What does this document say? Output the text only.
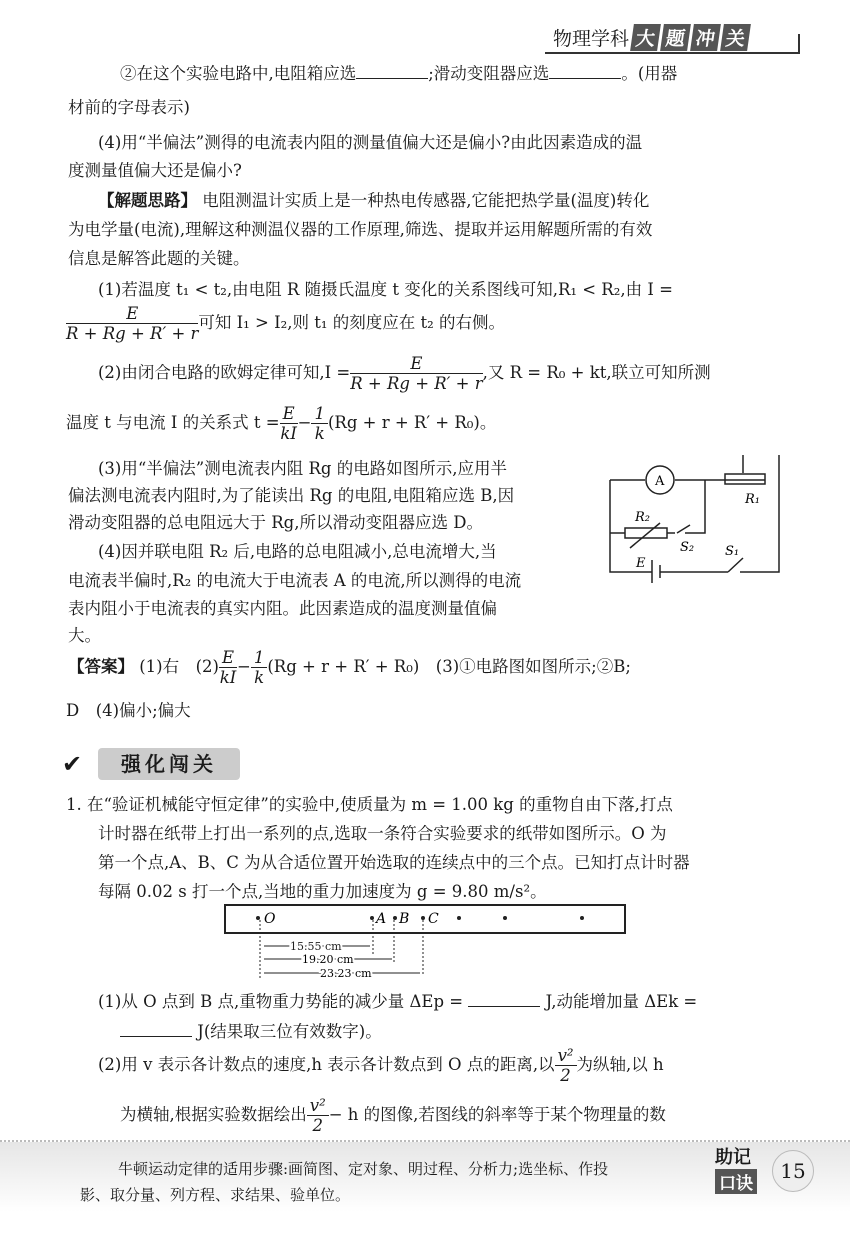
物理学科 大 题 冲 关
②在这个实验电路中,电阻箱应选	;滑动变阻器应选	。(用器
材前的字母表示)
(4)用“半偏法”测得的电流表内阻的测量值偏大还是偏小?由此因素造成的温
度测量值偏大还是偏小?
【解题思路】 电阻测温计实质上是一种热电传感器,它能把热学量(温度)转化
为电学量(电流),理解这种测温仪器的工作原理,筛选、提取并运用解题所需的有效
信息是解答此题的关键。
(1)若温度 t₁ < t₂,由电阻 R 随摄氏温度 t 变化的关系图线可知,R₁ < R₂,由 I =
$\frac{E}{R + Rg + R' + r}$ 可知 I₁ > I₂,则 t₁ 的刻度应在 t₂ 的右侧。
(2)由闭合电路的欧姆定律可知$,I = \frac{E}{R + Rg + R' + r}$ ,又 R = R₀ + kt,联立可知所测
温度 t 与电流 I 的关系式 $t = \frac{E}{kI} - \frac{1}{k} (Rg + r + R' + R_0)$。
(3)用“半偏法”测电流表内阻 Rg 的电路如图所示,应用半
偏法测电流表内阻时,为了能读出 Rg 的电阻,电阻箱应选 B,因
滑动变阻器的总电阻远大于 Rg,所以滑动变阻器应选 D。
(4)因并联电阻 R₂ 后,电路的总电阻减小,总电流增大,当
电流表半偏时,R₂ 的电流大于电流表 A 的电流,所以测得的电流
表内阻小于电流表的真实内阻。此因素造成的温度测量值偏
大。
A
R₁
R₂
S₂ S₁
E
【答案】 (1)右　$(2) \frac{E}{kI} - \frac{1}{k} (Rg + r + R' + R_0)$　(3)①电路图如图所示;②B;
D　(4)偏小;偏大
✔	强化闯关
1. 在“验证机械能守恒定律”的实验中,使质量为 m = 1.00 kg 的重物自由下落,打点
计时器在纸带上打出一系列的点,选取一条符合实验要求的纸带如图所示。O 为
第一个点,A、B、C 为从合适位置开始选取的连续点中的三个点。已知打点计时器
每隔 0.02 s 打一个点,当地的重力加速度为 g = 9.80 m/s²。
O	A B C
15.55 cm
19.20 cm
23.23 cm
(1)从 O 点到 B 点,重物重力势能的减少量 ΔEp =	J,动能增加量 ΔEk =
J(结果取三位有效数字)。
(2)用 v 表示各计数点的速度,h 表示各计数点到 O 点的距离,以 $\frac{\text{v²}}{2}$ 为纵轴,以 h
为横轴,根据实验数据绘出 $\frac{\text{v²}}{2} - h$ 的图像,若图线的斜率等于某个物理量的数
牛顿运动定律的适用步骤:画简图、定对象、明过程、分析力;选坐标、作投
影、取分量、列方程、求结果、验单位。
助记
口诀
15
